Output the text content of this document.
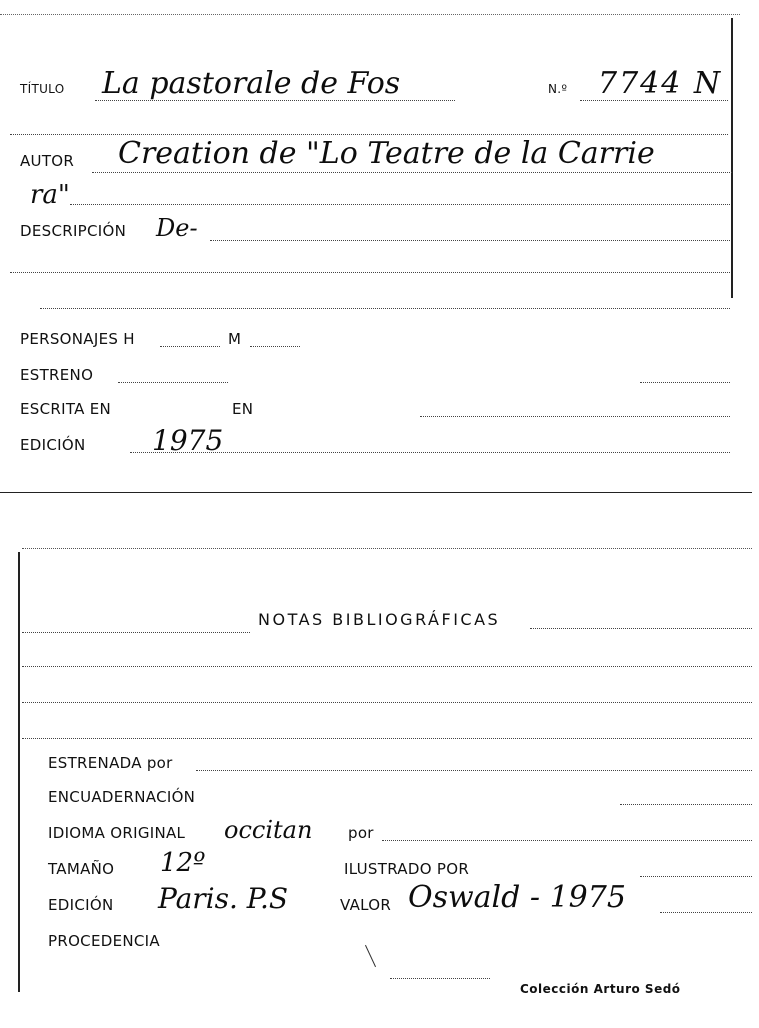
TÍTULO La pastorale de Fos	N.º 7744 N
AUTOR Creation de "Lo Teatre de la Carrie
ra"
DESCRIPCIÓN De-
PERSONAJES H	M
ESTRENO
ESCRITA EN	EN
EDICIÓN 1975
NOTAS BIBLIOGRÁFICAS
ESTRENADA por
ENCUADERNACIÓN
IDIOMA ORIGINAL occitan por
TAMAÑO 12º	ILUSTRADO POR
EDICIÓN Paris. P.S	VALOR Oswald - 1975
PROCEDENCIA
Colección Arturo Sedó
